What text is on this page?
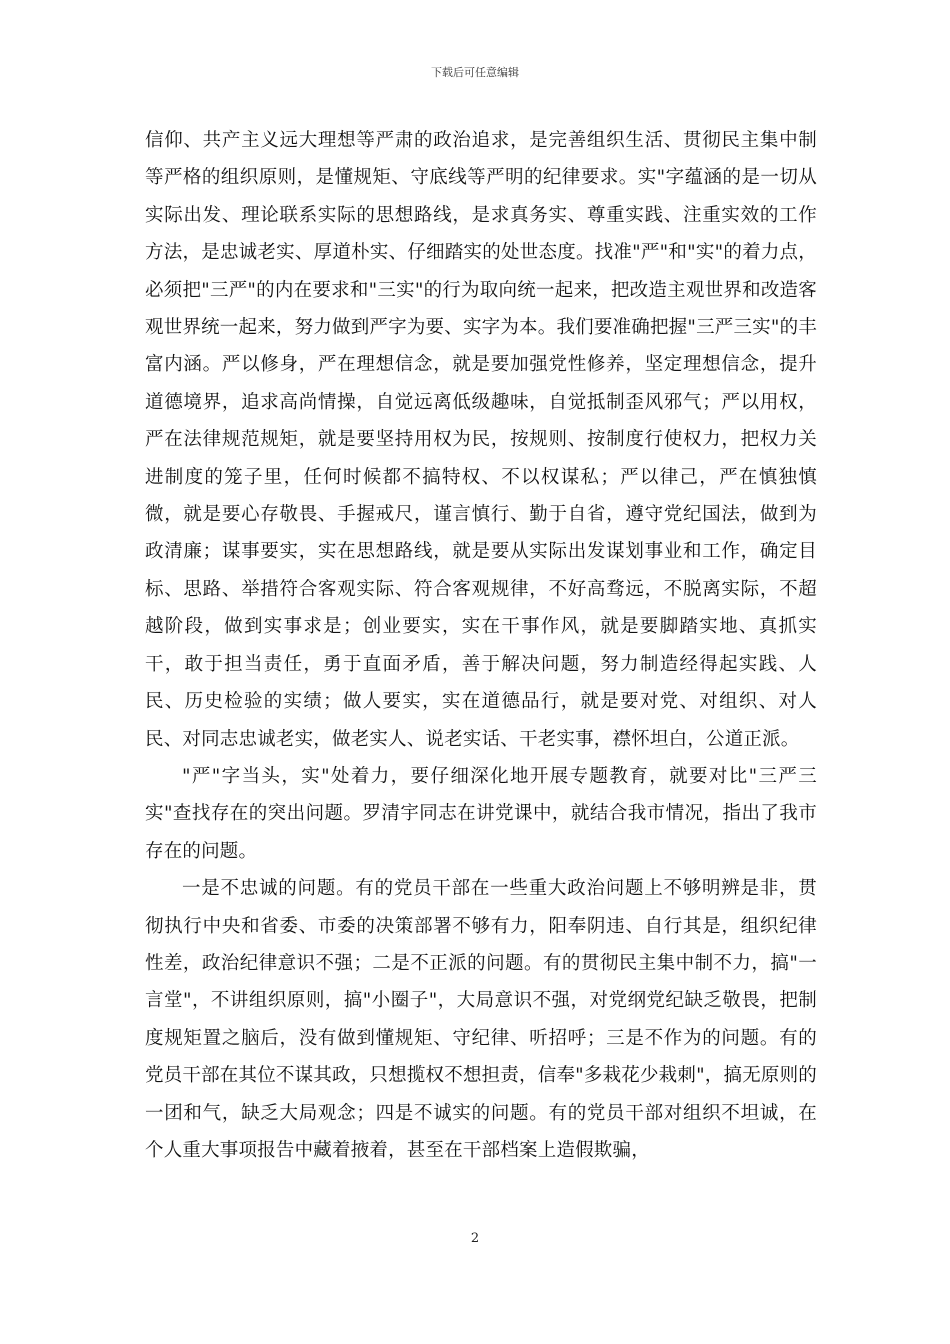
下载后可任意编辑

信仰、共产主义远大理想等严肃的政治追求，是完善组织生活、贯彻民主集中制等严格的组织原则，是懂规矩、守底线等严明的纪律要求。实"字蕴涵的是一切从实际出发、理论联系实际的思想路线，是求真务实、尊重实践、注重实效的工作方法，是忠诚老实、厚道朴实、仔细踏实的处世态度。找准"严"和"实"的着力点，必须把"三严"的内在要求和"三实"的行为取向统一起来，把改造主观世界和改造客观世界统一起来，努力做到严字为要、实字为本。我们要准确把握"三严三实"的丰富内涵。严以修身，严在理想信念，就是要加强党性修养，坚定理想信念，提升道德境界，追求高尚情操，自觉远离低级趣味，自觉抵制歪风邪气；严以用权，严在法律规范规矩，就是要坚持用权为民，按规则、按制度行使权力，把权力关进制度的笼子里，任何时候都不搞特权、不以权谋私；严以律己，严在慎独慎微，就是要心存敬畏、手握戒尺，谨言慎行、勤于自省，遵守党纪国法，做到为政清廉；谋事要实，实在思想路线，就是要从实际出发谋划事业和工作，确定目标、思路、举措符合客观实际、符合客观规律，不好高骛远，不脱离实际，不超越阶段，做到实事求是；创业要实，实在干事作风，就是要脚踏实地、真抓实干，敢于担当责任，勇于直面矛盾，善于解决问题，努力制造经得起实践、人民、历史检验的实绩；做人要实，实在道德品行，就是要对党、对组织、对人民、对同志忠诚老实，做老实人、说老实话、干老实事，襟怀坦白，公道正派。

"严"字当头，实"处着力，要仔细深化地开展专题教育，就要对比"三严三实"查找存在的突出问题。罗清宇同志在讲党课中，就结合我市情况，指出了我市存在的问题。

一是不忠诚的问题。有的党员干部在一些重大政治问题上不够明辨是非，贯彻执行中央和省委、市委的决策部署不够有力，阳奉阴违、自行其是，组织纪律性差，政治纪律意识不强；二是不正派的问题。有的贯彻民主集中制不力，搞"一言堂"，不讲组织原则，搞"小圈子"，大局意识不强，对党纲党纪缺乏敬畏，把制度规矩置之脑后，没有做到懂规矩、守纪律、听招呼；三是不作为的问题。有的党员干部在其位不谋其政，只想揽权不想担责，信奉"多栽花少栽刺"，搞无原则的一团和气，缺乏大局观念；四是不诚实的问题。有的党员干部对组织不坦诚，在个人重大事项报告中藏着掖着，甚至在干部档案上造假欺骗，

2
